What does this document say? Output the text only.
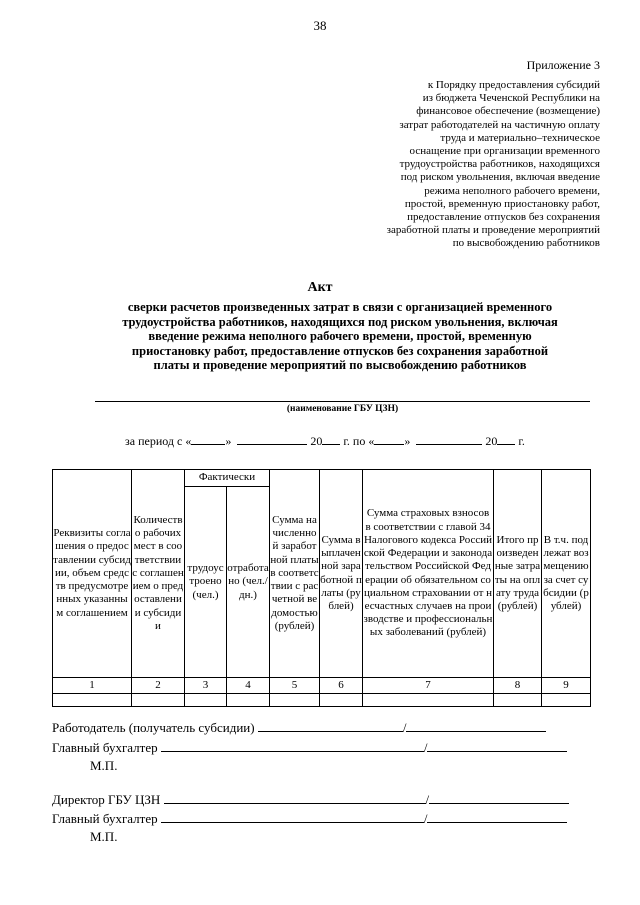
38
Приложение 3
к Порядку предоставления субсидий
из бюджета Чеченской Республики на
финансовое обеспечение (возмещение)
затрат работодателей на частичную оплату
труда и материально–техническое
оснащение при организации временного
трудоустройства работников, находящихся
под риском увольнения, включая введение
режима неполного рабочего времени,
простой, временную приостановку работ,
предоставление отпусков без сохранения
заработной платы и проведение мероприятий
по высвобождению работников
Акт
сверки расчетов произведенных затрат в связи с организацией временного
трудоустройства работников, находящихся под риском увольнения, включая
введение режима неполного рабочего времени, простой, временную
приостановку работ, предоставление отпусков без сохранения заработной
платы и проведение мероприятий по высвобождению работников
(наименование ГБУ ЦЗН)
за период с «	»	20 г. по «	»	20 г.
Реквизиты соглашения о предоставлении субсидии, объем средств предусмотренных указанным соглашением	Количество рабочих мест в соответствии с соглашением о предоставлении субсидии	Фактически		Сумма начисленной заработной платы в соответствии с расчетной ведомостью (рублей)	Сумма выплаченной заработной платы (рублей)	Сумма страховых взносов в соответствии с главой 34 Налогового кодекса Российской Федерации и законодательством Российской Федерации об обязательном социальном страховании от несчастных случаев на производстве и профессиональных заболеваний (рублей)	Итого произведенные затраты на оплату труда (рублей)	В т.ч. подлежат возмещению за счет субсидии (рублей)
		трудоустроено (чел.)	отработано (чел./дн.)					
1	2	3	4	5	6	7	8	9

Работодатель (получатель субсидии)	/
Главный бухгалтер	/
М.П.
Директор ГБУ ЦЗН	/
Главный бухгалтер	/
М.П.
